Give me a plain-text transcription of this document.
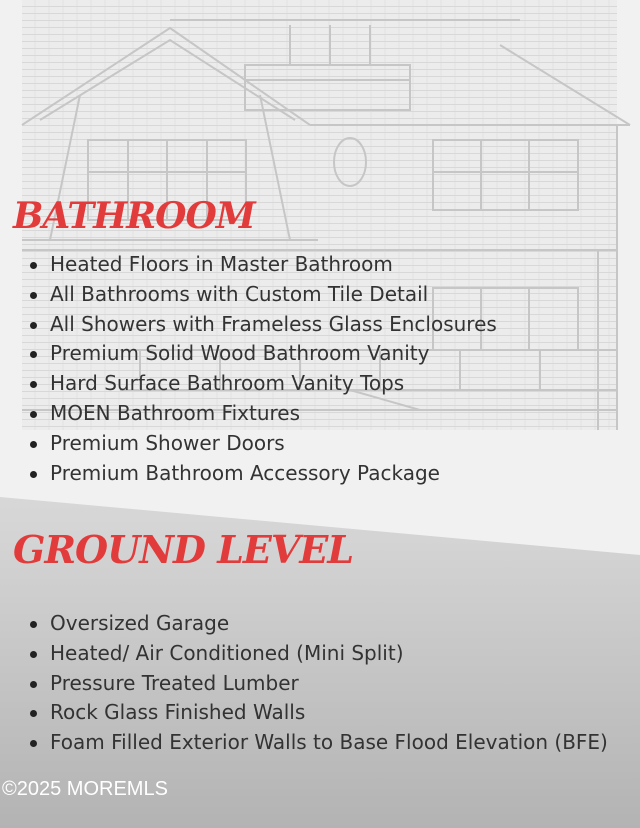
BATHROOM
Heated Floors in Master Bathroom
All Bathrooms with Custom Tile Detail
All Showers with Frameless Glass Enclosures
Premium Solid Wood Bathroom Vanity
Hard Surface Bathroom Vanity Tops
MOEN Bathroom Fixtures
Premium Shower Doors
Premium Bathroom Accessory Package
GROUND LEVEL
Oversized Garage
Heated/ Air Conditioned (Mini Split)
Pressure Treated Lumber
Rock Glass Finished Walls
Foam Filled Exterior Walls to Base Flood Elevation (BFE)
©2025 MOREMLS
